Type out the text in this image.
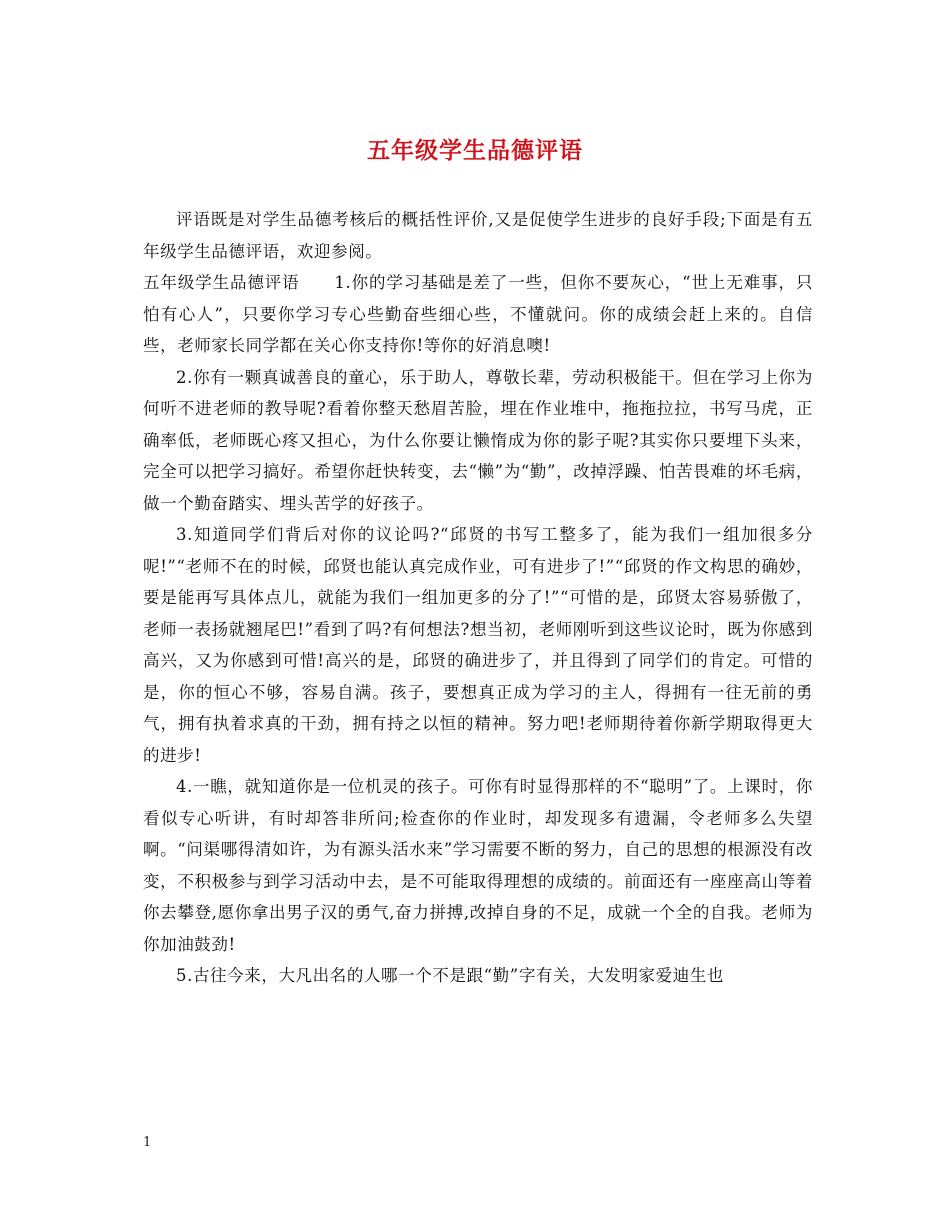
五年级学生品德评语

评语既是对学生品德考核后的概括性评价,又是促使学生进步的良好手段;下面是有五年级学生品德评语，欢迎参阅。

五年级学生品德评语　　 1.你的学习基础是差了一些，但你不要灰心，“世上无难事，只怕有心人”，只要你学习专心些勤奋些细心些，不懂就问。你的成绩会赶上来的。自信些，老师家长同学都在关心你支持你!等你的好消息噢!

2.你有一颗真诚善良的童心，乐于助人，尊敬长辈，劳动积极能干。但在学习上你为何听不进老师的教导呢?看着你整天愁眉苦脸，埋在作业堆中，拖拖拉拉，书写马虎，正确率低，老师既心疼又担心，为什么你要让懒惰成为你的影子呢?其实你只要埋下头来，完全可以把学习搞好。希望你赶快转变，去“懒”为“勤”，改掉浮躁、怕苦畏难的坏毛病，做一个勤奋踏实、埋头苦学的好孩子。

3.知道同学们背后对你的议论吗?“邱贤的书写工整多了，能为我们一组加很多分呢!”“老师不在的时候，邱贤也能认真完成作业，可有进步了!”“邱贤的作文构思的确妙，要是能再写具体点儿，就能为我们一组加更多的分了!”“可惜的是，邱贤太容易骄傲了，老师一表扬就翘尾巴!”看到了吗?有何想法?想当初，老师刚听到这些议论时，既为你感到高兴，又为你感到可惜!高兴的是，邱贤的确进步了，并且得到了同学们的肯定。可惜的是，你的恒心不够，容易自满。孩子，要想真正成为学习的主人，得拥有一往无前的勇气，拥有执着求真的干劲，拥有持之以恒的精神。努力吧!老师期待着你新学期取得更大的进步!

4.一瞧，就知道你是一位机灵的孩子。可你有时显得那样的不“聪明”了。上课时，你看似专心听讲，有时却答非所问;检查你的作业时，却发现多有遗漏，令老师多么失望啊。“问渠哪得清如许，为有源头活水来”学习需要不断的努力，自己的思想的根源没有改变，不积极参与到学习活动中去，是不可能取得理想的成绩的。前面还有一座座高山等着你去攀登,愿你拿出男子汉的勇气,奋力拼搏,改掉自身的不足，成就一个全的自我。老师为你加油鼓劲!

5.古往今来，大凡出名的人哪一个不是跟“勤”字有关，大发明家爱迪生也

1
